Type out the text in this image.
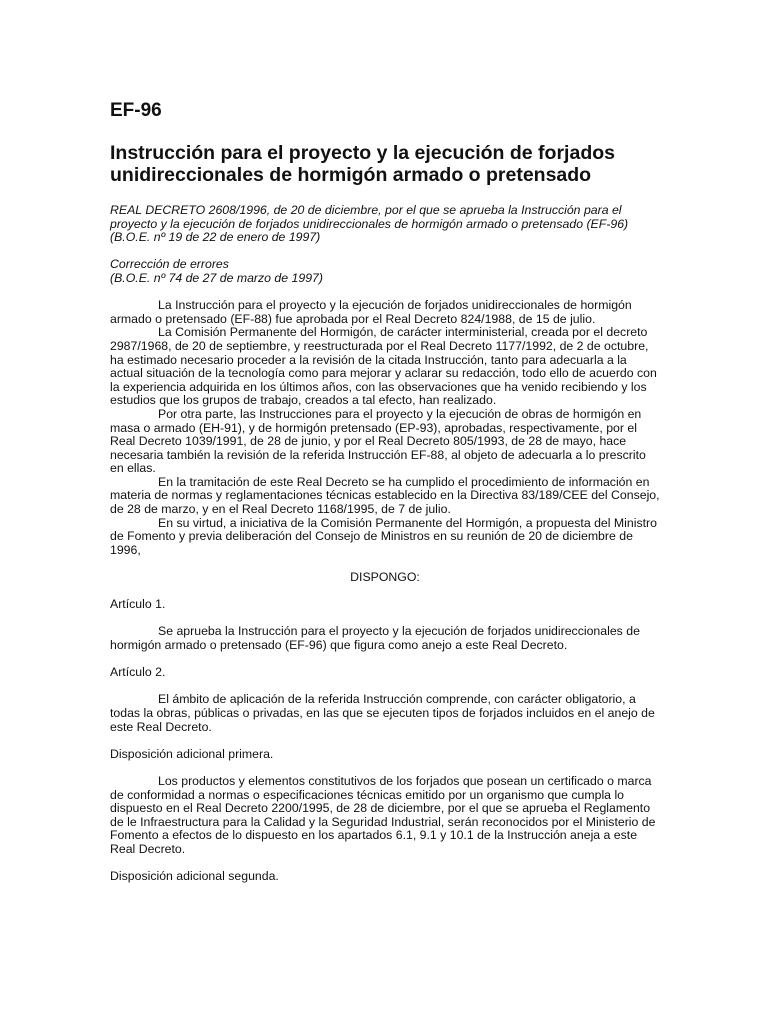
EF-96
Instrucción para el proyecto y la ejecución de forjados
unidireccionales de hormigón armado o pretensado
REAL DECRETO 2608/1996, de 20 de diciembre, por el que se aprueba la Instrucción para el
proyecto y la ejecución de forjados unidireccionales de hormigón armado o pretensado (EF-96)
(B.O.E. nº 19 de 22 de enero de 1997)
Corrección de errores
(B.O.E. nº 74 de 27 de marzo de 1997)

La Instrucción para el proyecto y la ejecución de forjados unidireccionales de hormigón armado o pretensado (EF-88) fue aprobada por el Real Decreto 824/1988, de 15 de julio.

La Comisión Permanente del Hormigón, de carácter interministerial, creada por el decreto 2987/1968, de 20 de septiembre, y reestructurada por el Real Decreto 1177/1992, de 2 de octubre, ha estimado necesario proceder a la revisión de la citada Instrucción, tanto para adecuarla a la actual situación de la tecnología como para mejorar y aclarar su redacción, todo ello de acuerdo con la experiencia adquirida en los últimos años, con las observaciones que ha venido recibiendo y los estudios que los grupos de trabajo, creados a tal efecto, han realizado.

Por otra parte, las Instrucciones para el proyecto y la ejecución de obras de hormigón en masa o armado (EH-91), y de hormigón pretensado (EP-93), aprobadas, respectivamente, por el Real Decreto 1039/1991, de 28 de junio, y por el Real Decreto 805/1993, de 28 de mayo, hace necesaria también la revisión de la referida Instrucción EF-88, al objeto de adecuarla a lo prescrito en ellas.

En la tramitación de este Real Decreto se ha cumplido el procedimiento de información en materia de normas y reglamentaciones técnicas establecido en la Directiva 83/189/CEE del Consejo, de 28 de marzo, y en el Real Decreto 1168/1995, de 7 de julio.

En su virtud, a iniciativa de la Comisión Permanente del Hormigón, a propuesta del Ministro de Fomento y previa deliberación del Consejo de Ministros en su reunión de 20 de diciembre de 1996,

DISPONGO:

Artículo 1.

Se aprueba la Instrucción para el proyecto y la ejecución de forjados unidireccionales de hormigón armado o pretensado (EF-96) que figura como anejo a este Real Decreto.

Artículo 2.

El ámbito de aplicación de la referida Instrucción comprende, con carácter obligatorio, a todas la obras, públicas o privadas, en las que se ejecuten tipos de forjados incluidos en el anejo de este Real Decreto.

Disposición adicional primera.

Los productos y elementos constitutivos de los forjados que posean un certificado o marca de conformidad a normas o especificaciones técnicas emitido por un organismo que cumpla lo dispuesto en el Real Decreto 2200/1995, de 28 de diciembre, por el que se aprueba el Reglamento de le Infraestructura para la Calidad y la Seguridad Industrial, serán reconocidos por el Ministerio de Fomento a efectos de lo dispuesto en los apartados 6.1, 9.1 y 10.1 de la Instrucción aneja a este Real Decreto.

Disposición adicional segunda.
